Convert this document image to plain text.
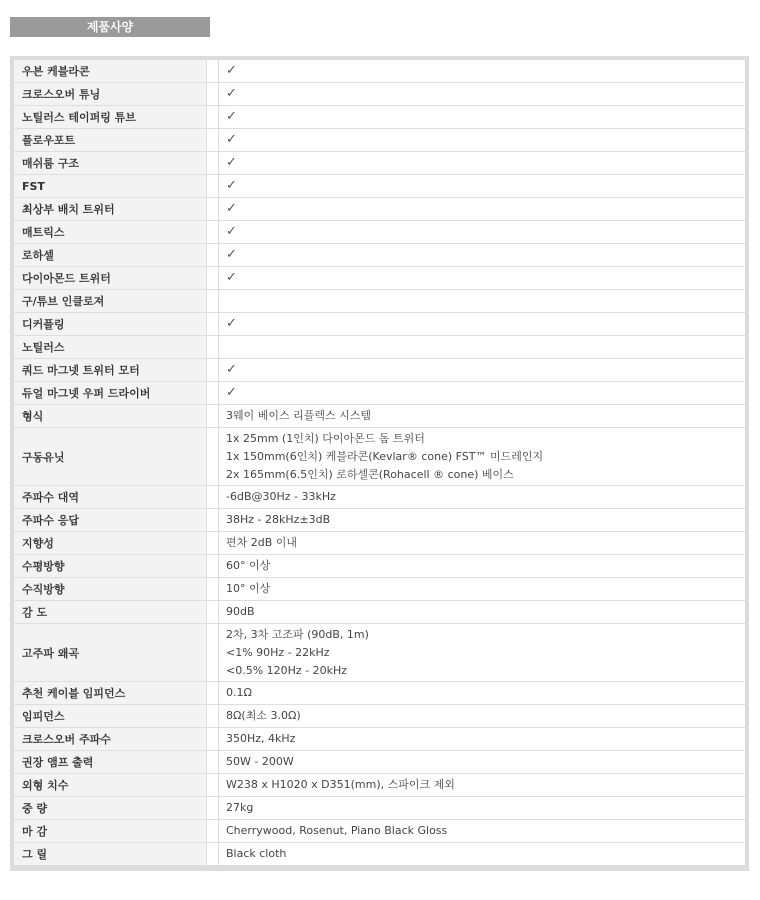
제품사양
우븐 케블라콘		✓

크로스오버 튜닝		✓

노틸러스 테이퍼링 튜브		✓

플로우포트		✓

매쉬룸 구조		✓

FST		✓

최상부 배치 트위터		✓

매트릭스		✓

로하셀		✓

다이아몬드 트위터		✓

구/튜브 인클로져		

디커플링		✓

노틸러스		

쿼드 마그넷 트위터 모터		✓

듀얼 마그넷 우퍼 드라이버		✓

형식		3웨이 베이스 리플렉스 시스템

구동유닛		1x 25mm (1인치) 다이아몬드 돔 트위터
1x 150mm(6인치) 케블라콘(Kevlar® cone) FST™ 미드레인지
2x 165mm(6.5인치) 로하셀콘(Rohacell ® cone) 베이스

주파수 대역		-6dB@30Hz - 33kHz

주파수 응답		38Hz - 28kHz±3dB

지향성		편차 2dB 이내

수평방향		60° 이상

수직방향		10° 이상

감 도		90dB

고주파 왜곡		2차, 3차 고조파 (90dB, 1m)
<1% 90Hz - 22kHz
<0.5% 120Hz - 20kHz

추천 케이블 임피던스		0.1Ω

임피던스		8Ω(최소 3.0Ω)

크로스오버 주파수		350Hz, 4kHz

권장 앰프 출력		50W - 200W

외형 치수		W238 x H1020 x D351(mm), 스파이크 제외

중 량		27kg

마 감		Cherrywood, Rosenut, Piano Black Gloss

그 릴		Black cloth
